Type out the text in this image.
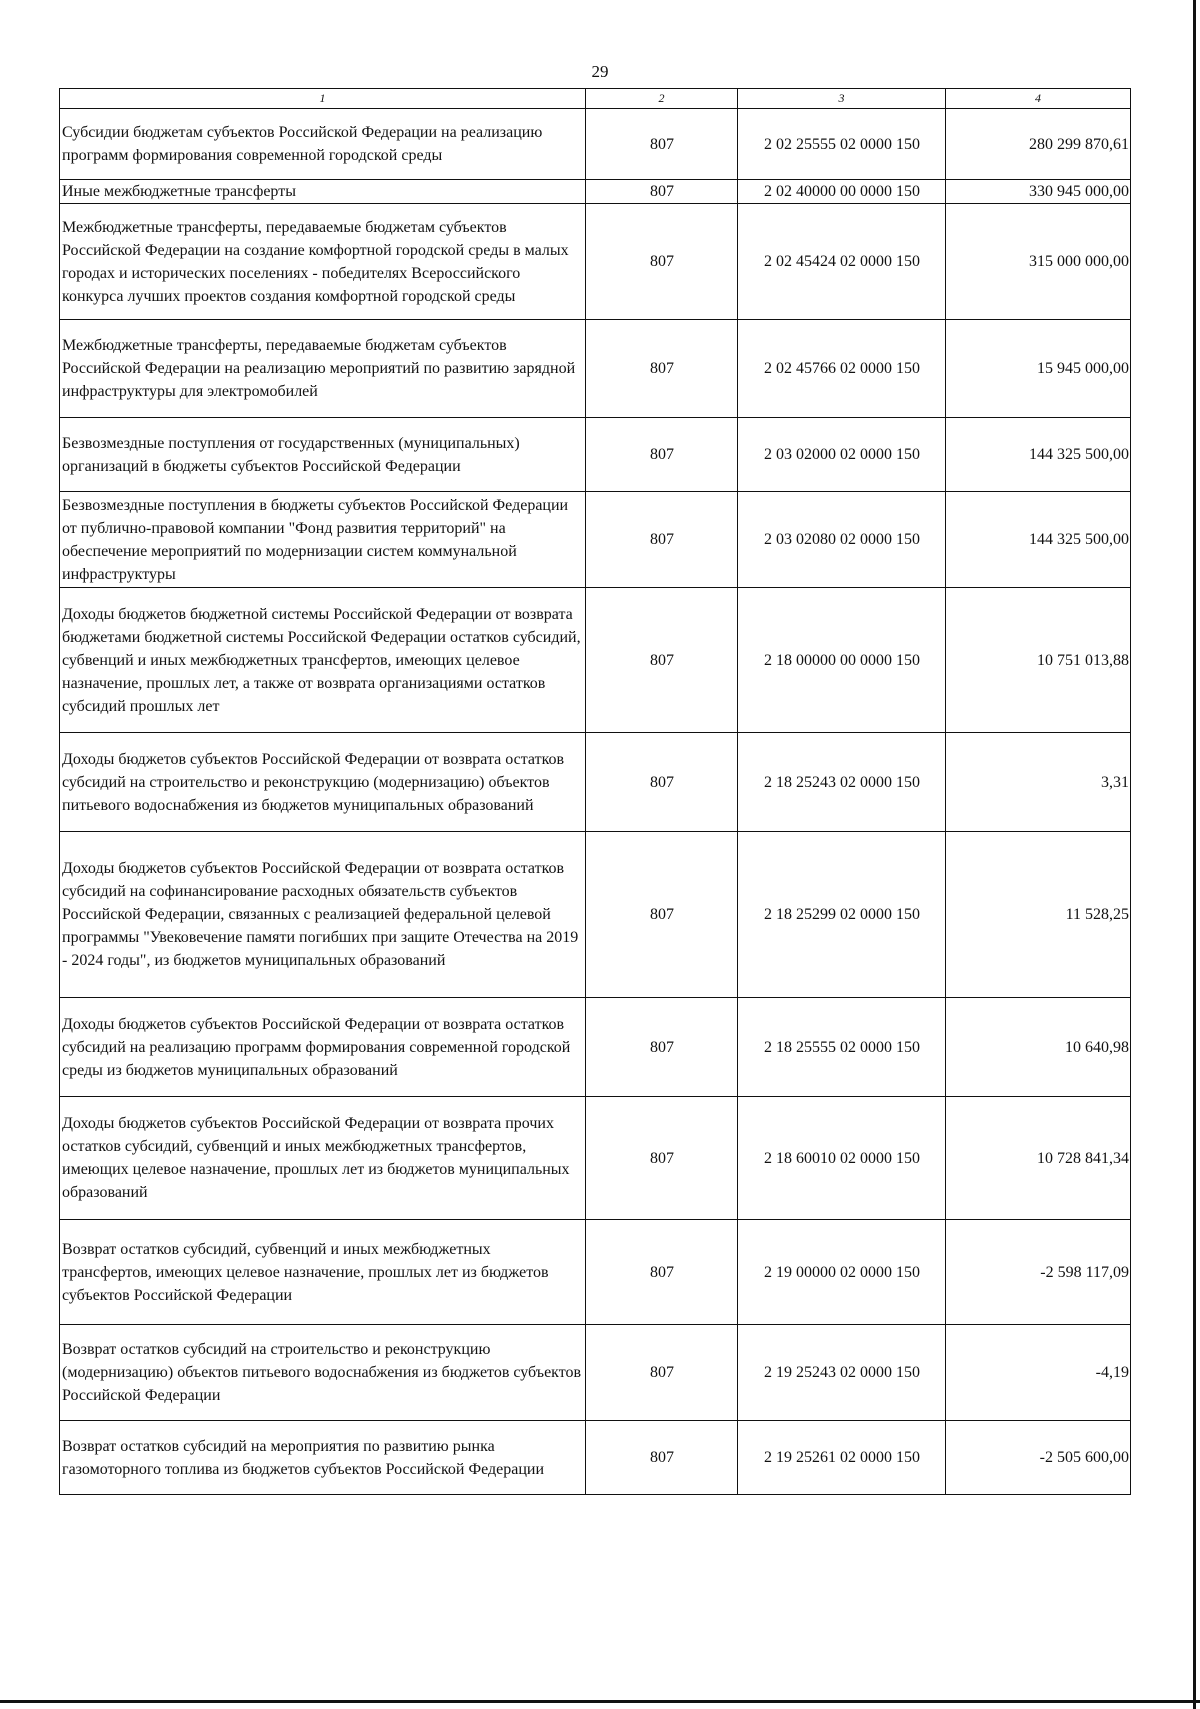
29
1	2	3	4
Субсидии бюджетам субъектов Российской Федерации на реализацию программ формирования современной городской среды	807	2 02 25555 02 0000 150	280 299 870,61
Иные межбюджетные трансферты	807	2 02 40000 00 0000 150	330 945 000,00
Межбюджетные трансферты, передаваемые бюджетам субъектов Российской Федерации на создание комфортной городской среды в малых городах и исторических поселениях - победителях Всероссийского конкурса лучших проектов создания комфортной городской среды	807	2 02 45424 02 0000 150	315 000 000,00
Межбюджетные трансферты, передаваемые бюджетам субъектов Российской Федерации на реализацию мероприятий по развитию зарядной инфраструктуры для электромобилей	807	2 02 45766 02 0000 150	15 945 000,00
Безвозмездные поступления от государственных (муниципальных) организаций в бюджеты субъектов Российской Федерации	807	2 03 02000 02 0000 150	144 325 500,00
Безвозмездные поступления в бюджеты субъектов Российской Федерации от публично-правовой компании "Фонд развития территорий" на обеспечение мероприятий по модернизации систем коммунальной инфраструктуры	807	2 03 02080 02 0000 150	144 325 500,00
Доходы бюджетов бюджетной системы Российской Федерации от возврата бюджетами бюджетной системы Российской Федерации остатков субсидий, субвенций и иных межбюджетных трансфертов, имеющих целевое назначение, прошлых лет, а также от возврата организациями остатков субсидий прошлых лет	807	2 18 00000 00 0000 150	10 751 013,88
Доходы бюджетов субъектов Российской Федерации от возврата остатков субсидий на строительство и реконструкцию (модернизацию) объектов питьевого водоснабжения из бюджетов муниципальных образований	807	2 18 25243 02 0000 150	3,31
Доходы бюджетов субъектов Российской Федерации от возврата остатков субсидий на софинансирование расходных обязательств субъектов Российской Федерации, связанных с реализацией федеральной целевой программы "Увековечение памяти погибших при защите Отечества на 2019 - 2024 годы", из бюджетов муниципальных образований	807	2 18 25299 02 0000 150	11 528,25
Доходы бюджетов субъектов Российской Федерации от возврата остатков субсидий на реализацию программ формирования современной городской среды из бюджетов муниципальных образований	807	2 18 25555 02 0000 150	10 640,98
Доходы бюджетов субъектов Российской Федерации от возврата прочих остатков субсидий, субвенций и иных межбюджетных трансфертов, имеющих целевое назначение, прошлых лет из бюджетов муниципальных образований	807	2 18 60010 02 0000 150	10 728 841,34
Возврат остатков субсидий, субвенций и иных межбюджетных трансфертов, имеющих целевое назначение, прошлых лет из бюджетов субъектов Российской Федерации	807	2 19 00000 02 0000 150	-2 598 117,09
Возврат остатков субсидий на строительство и реконструкцию (модернизацию) объектов питьевого водоснабжения из бюджетов субъектов Российской Федерации	807	2 19 25243 02 0000 150	-4,19
Возврат остатков субсидий на мероприятия по развитию рынка газомоторного топлива из бюджетов субъектов Российской Федерации	807	2 19 25261 02 0000 150	-2 505 600,00
